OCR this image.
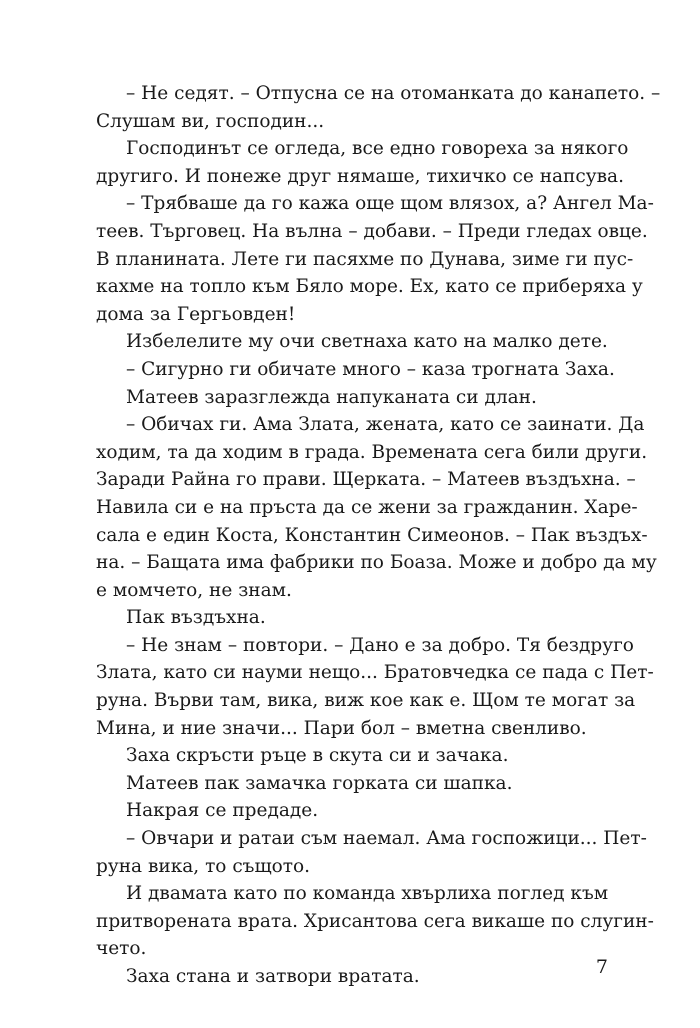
– Не седят. – Отпусна се на отоманката до канапето. –
Слушам ви, господин...
Господинът се огледа, все едно говореха за някого
другиго. И понеже друг нямаше, тихичко се напсува.
– Трябваше да го кажа още щом влязох, а? Ангел Ма-
теев. Търговец. На вълна – добави. – Преди гледах овце.
В планината. Лете ги пасяхме по Дунава, зиме ги пус-
кахме на топло към Бяло море. Ех, като се приберяха у
дома за Гергьовден!
Избелелите му очи светнаха като на малко дете.
– Сигурно ги обичате много – каза трогната Заха.
Матеев заразглежда напуканата си длан.
– Обичах ги. Ама Злата, жената, като се заинати. Да
ходим, та да ходим в града. Времената сега били други.
Заради Райна го прави. Щерката. – Матеев въздъхна. –
Навила си е на пръста да се жени за гражданин. Харе-
сала е един Коста, Константин Симеонов. – Пак въздъх-
на. – Бащата има фабрики по Боаза. Може и добро да му
е момчето, не знам.
Пак въздъхна.
– Не знам – повтори. – Дано е за добро. Тя бездруго
Злата, като си науми нещо... Братовчедка се пада с Пет-
руна. Върви там, вика, виж кое как е. Щом те могат за
Мина, и ние значи... Пари бол – вметна свенливо.
Заха скръсти ръце в скута си и зачака.
Матеев пак замачка горката си шапка.
Накрая се предаде.
– Овчари и ратаи съм наемал. Ама госпожици... Пет-
руна вика, то същото.
И двамата като по команда хвърлиха поглед към
притворената врата. Хрисантова сега викаше по слугин-
чето.
Заха стана и затвори вратата.	7
